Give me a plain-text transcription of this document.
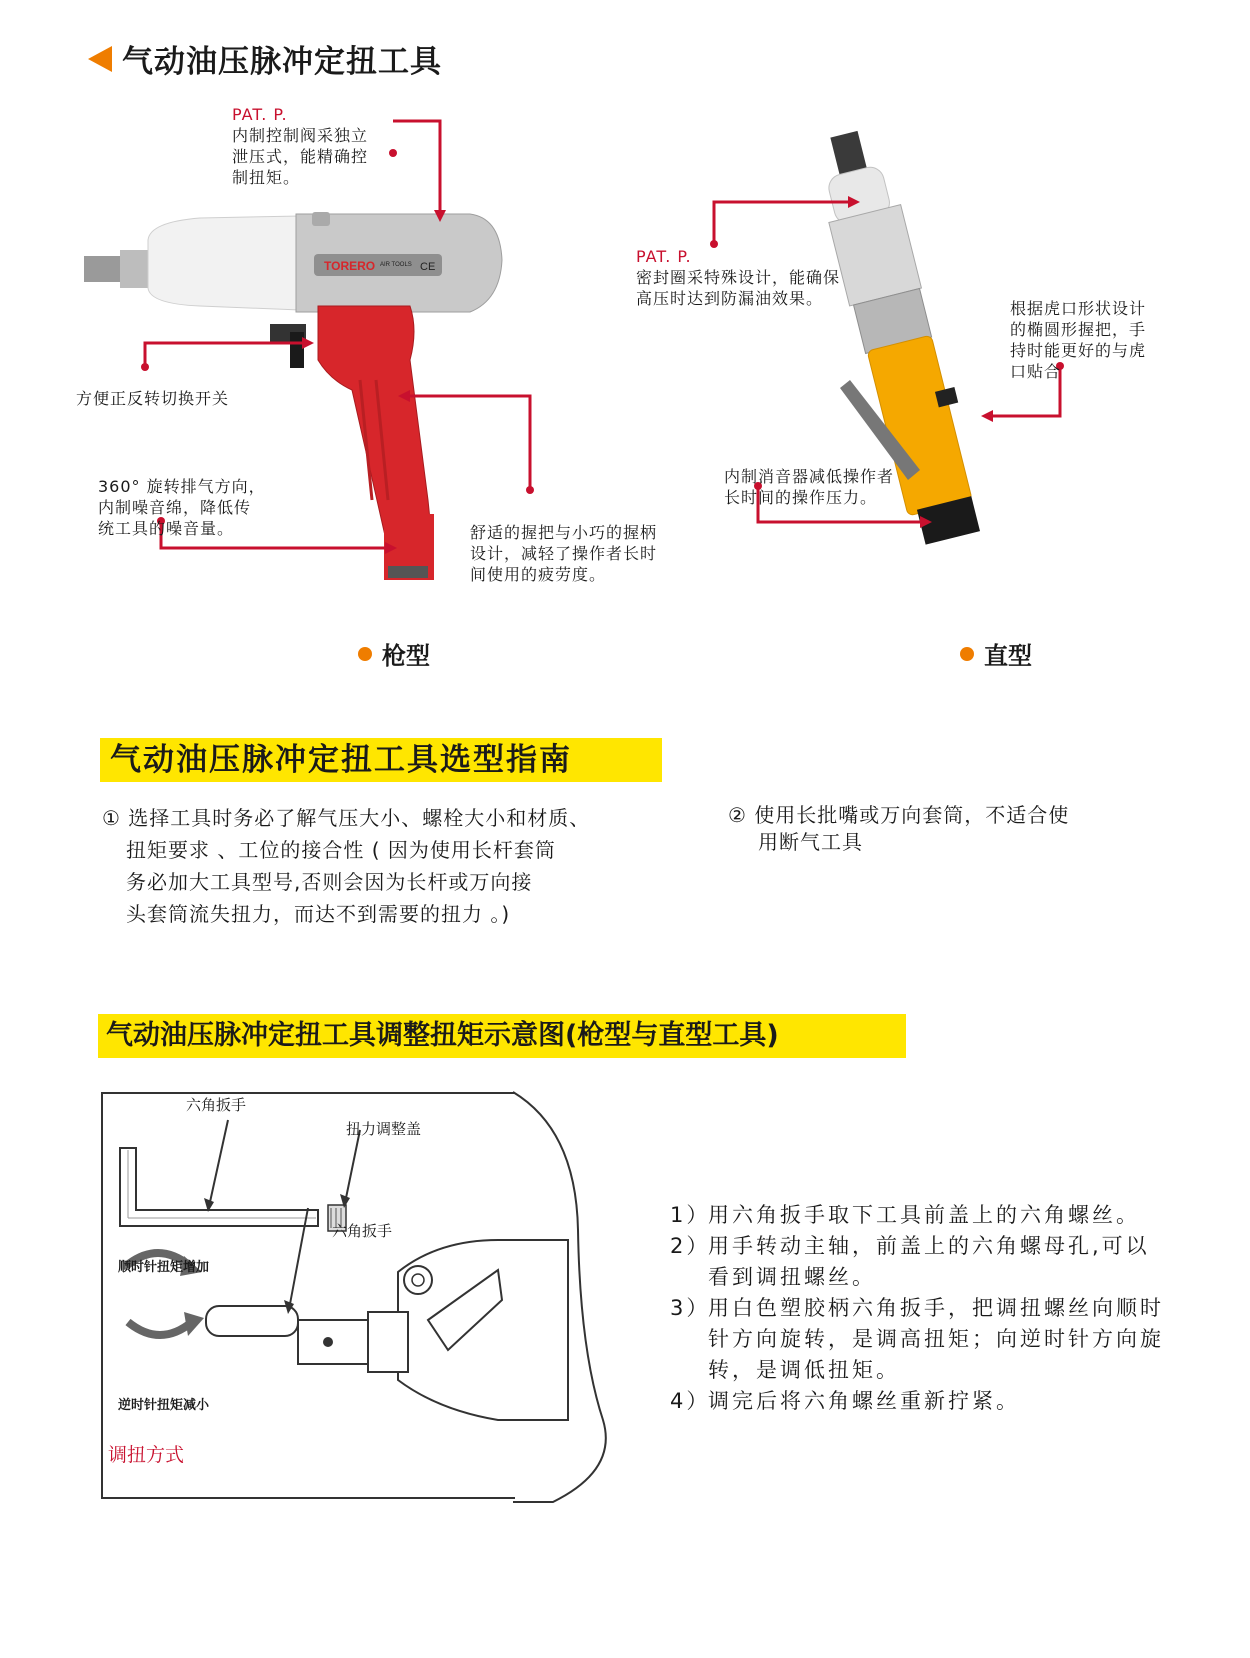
气动油压脉冲定扭工具
TORERO AIR TOOLS CE
PAT. P.
内制控制阀采独立
泄压式，能精确控
制扭矩。
方便正反转切换开关
360° 旋转排气方向，
内制噪音绵，降低传
统工具的噪音量。	舒适的握把与小巧的握柄
设计，减轻了操作者长时
间使用的疲劳度。
枪型
PAT. P.
密封圈采特殊设计，能确保
高压时达到防漏油效果。
根据虎口形状设计
的椭圆形握把，手
持时能更好的与虎
口贴合
内制消音器减低操作者
长时间的操作压力。
直型
气动油压脉冲定扭工具选型指南
① 选择工具时务必了解气压大小、螺栓大小和材质、
扭矩要求 、工位的接合性 ( 因为使用长杆套筒
务必加大工具型号,否则会因为长杆或万向接
头套筒流失扭力，而达不到需要的扭力 。)
② 使用长批嘴或万向套筒，不适合使
用断气工具
气动油压脉冲定扭工具调整扭矩示意图(枪型与直型工具)
六角扳手
扭力调整盖
六角扳手
顺时针扭矩增加
逆时针扭矩减小
调扭方式
1）
用六角扳手取下工具前盖上的六角螺丝。
2）
用手转动主轴，前盖上的六角螺母孔,可以看到调扭螺丝。
3）
用白色塑胶柄六角扳手，把调扭螺丝向顺时针方向旋转，是调高扭矩；向逆时针方向旋转，是调低扭矩。
4）
调完后将六角螺丝重新拧紧。
